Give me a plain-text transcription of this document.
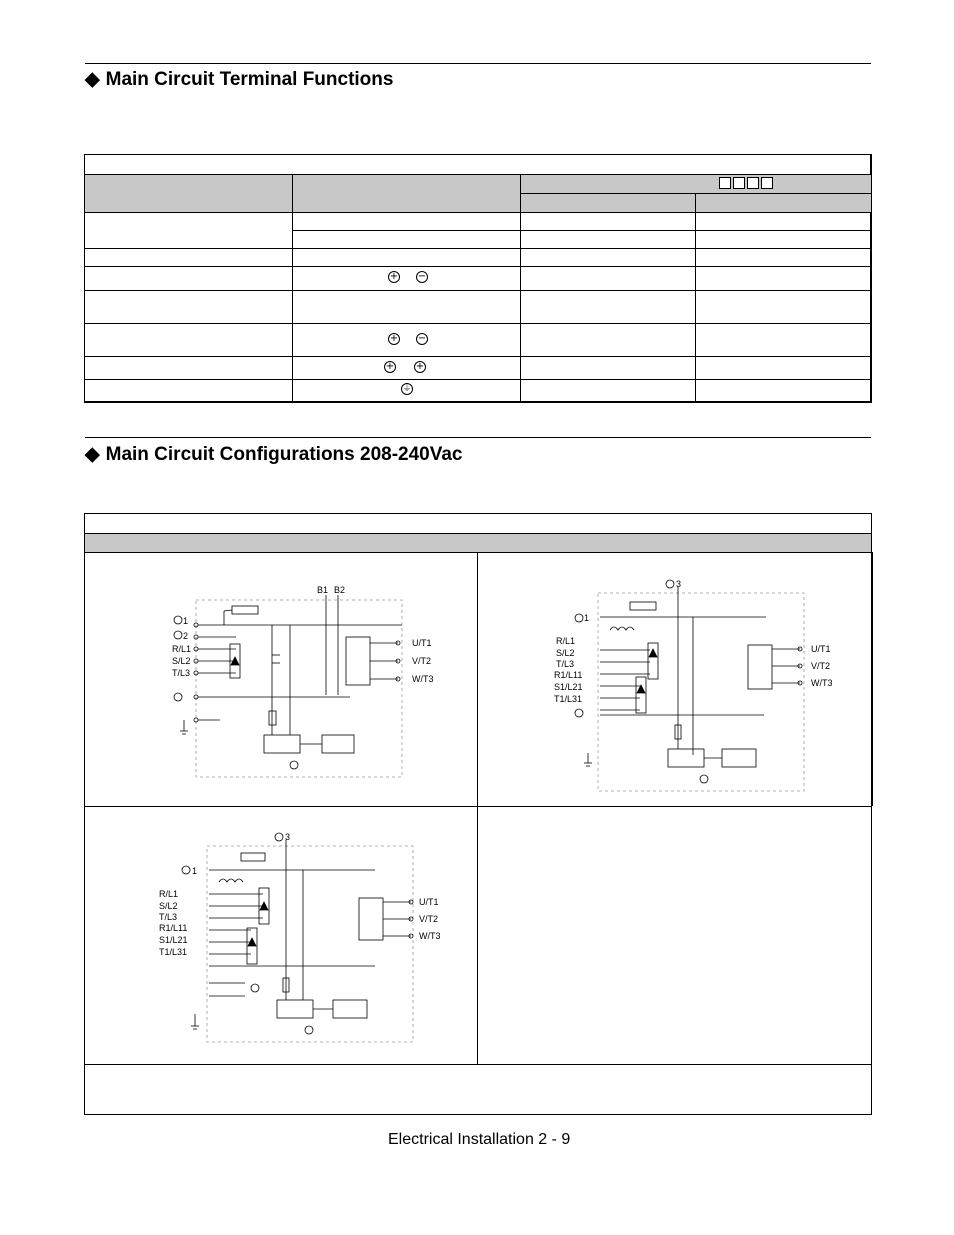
◆ Main Circuit Terminal Functions
+ −
+ −
+ +
⏚
◆ Main Circuit Configurations 208-240Vac
B1 B2
1
2
R/L1
S/L2
T/L3
U/T1
V/T2
W/T3
3
1
R/L1
S/L2
T/L3
R1/L11
S1/L21
T1/L31
U/T1
V/T2
W/T3
3
1
R/L1
S/L2
T/L3
R1/L11
S1/L21
T1/L31
U/T1
V/T2
W/T3
Electrical Installation 2 - 9
